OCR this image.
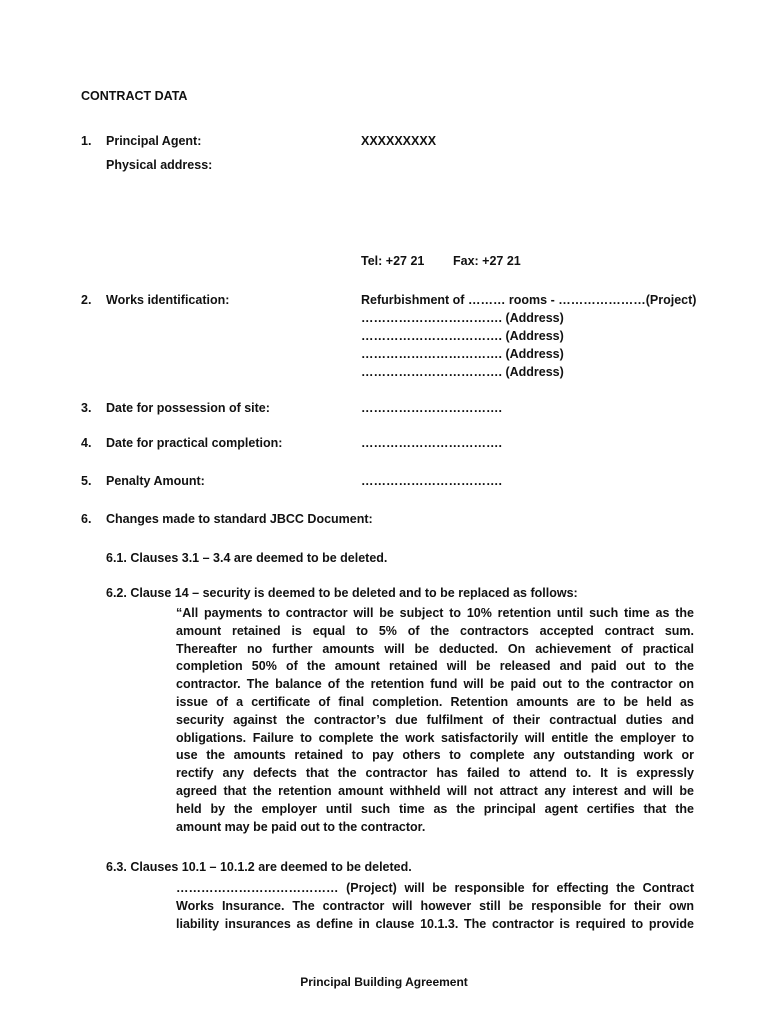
CONTRACT DATA
1. Principal Agent:	XXXXXXXXX
Physical address:
Tel: +27 21 Fax: +27 21
2. Works identification:	Refurbishment of ……… rooms - …………………(Project)
……………………………. (Address)
……………………………. (Address)
……………………………. (Address)
……………………………. (Address)
3. Date for possession of site:	…………………………….
4. Date for practical completion:	…………………………….
5. Penalty Amount:	…………………………….
6. Changes made to standard JBCC Document:
6.1. Clauses 3.1 – 3.4 are deemed to be deleted.
6.2. Clause 14 – security is deemed to be deleted and to be replaced as follows:
“All payments to contractor will be subject to 10% retention until such time as the
amount retained is equal to 5% of the contractors accepted contract sum.
Thereafter no further amounts will be deducted. On achievement of practical
completion 50% of the amount retained will be released and paid out to the
contractor. The balance of the retention fund will be paid out to the contractor on
issue of a certificate of final completion. Retention amounts are to be held as
security against the contractor’s due fulfilment of their contractual duties and
obligations. Failure to complete the work satisfactorily will entitle the employer to
use the amounts retained to pay others to complete any outstanding work or
rectify any defects that the contractor has failed to attend to. It is expressly
agreed that the retention amount withheld will not attract any interest and will be
held by the employer until such time as the principal agent certifies that the
amount may be paid out to the contractor.
6.3. Clauses 10.1 – 10.1.2 are deemed to be deleted.
………………………………… (Project) will be responsible for effecting the Contract
Works Insurance. The contractor will however still be responsible for their own
liability insurances as define in clause 10.1.3. The contractor is required to provide
Principal Building Agreement
